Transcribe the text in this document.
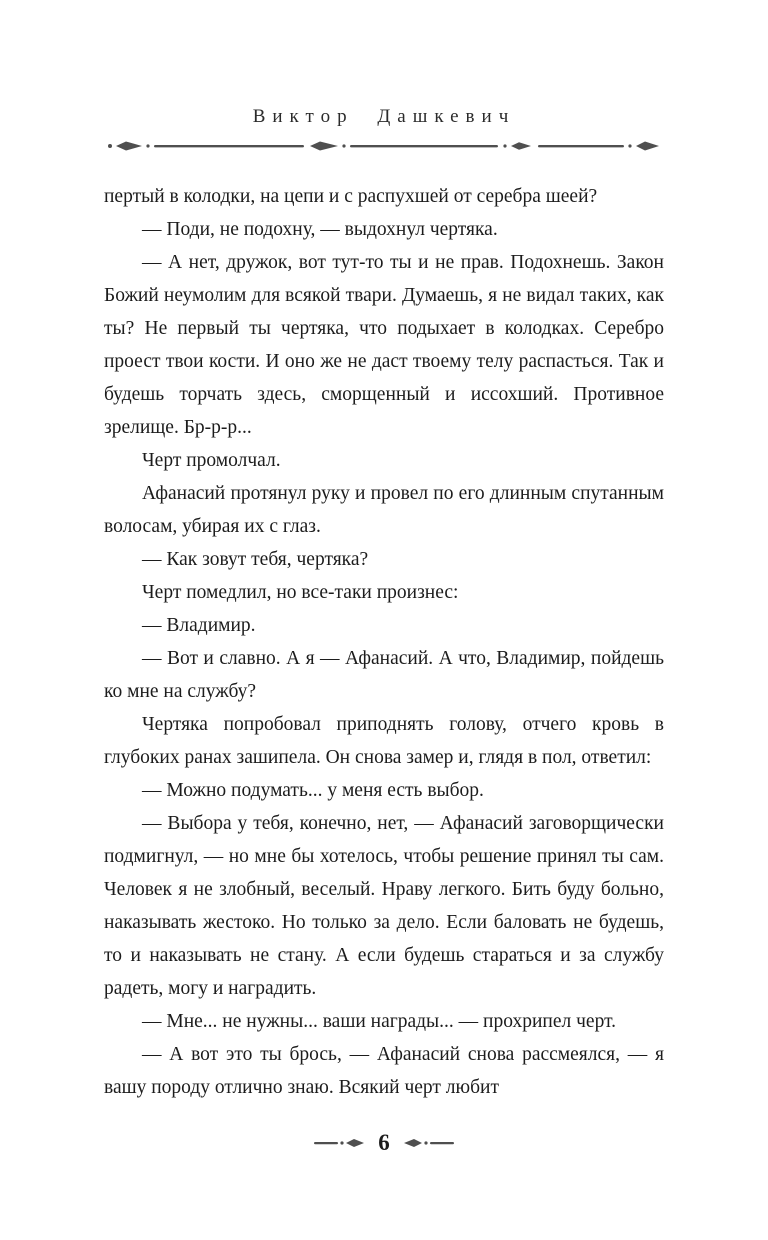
Виктор Дашкевич

пертый в колодки, на цепи и с распухшей от серебра шеей?

— Поди, не подохну, — выдохнул чертяка.

— А нет, дружок, вот тут-то ты и не прав. Подохнешь. Закон Божий неумолим для всякой твари. Думаешь, я не видал таких, как ты? Не первый ты чертяка, что подыхает в колодках. Серебро проест твои кости. И оно же не даст твоему телу распасться. Так и будешь торчать здесь, сморщенный и иссохший. Противное зрелище. Бр-р-р...

Черт промолчал.

Афанасий протянул руку и провел по его длинным спутанным волосам, убирая их с глаз.

— Как зовут тебя, чертяка?

Черт помедлил, но все-таки произнес:

— Владимир.

— Вот и славно. А я — Афанасий. А что, Владимир, пойдешь ко мне на службу?

Чертяка попробовал приподнять голову, отчего кровь в глубоких ранах зашипела. Он снова замер и, глядя в пол, ответил:

— Можно подумать... у меня есть выбор.

— Выбора у тебя, конечно, нет, — Афанасий заговорщически подмигнул, — но мне бы хотелось, чтобы решение принял ты сам. Человек я не злобный, веселый. Нраву легкого. Бить буду больно, наказывать жестоко. Но только за дело. Если баловать не будешь, то и наказывать не стану. А если будешь стараться и за службу радеть, могу и наградить.

— Мне... не нужны... ваши награды... — прохрипел черт.

— А вот это ты брось, — Афанасий снова рассмеялся, — я вашу породу отлично знаю. Всякий черт любит

6
